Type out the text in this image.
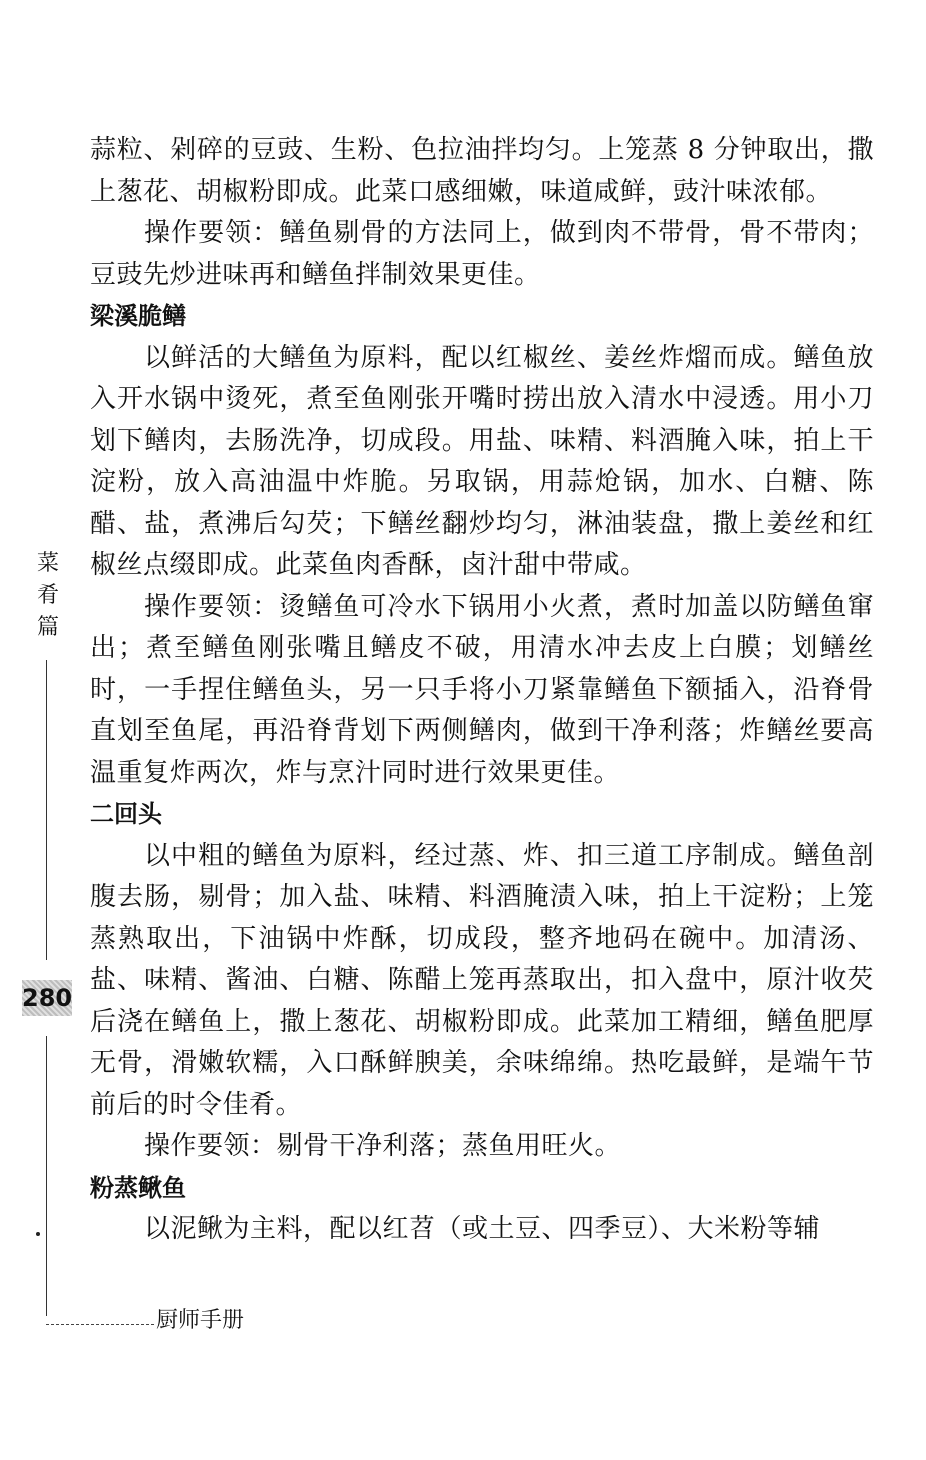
菜
肴
篇
280
厨师手册

蒜粒、剁碎的豆豉、生粉、色拉油拌均匀。上笼蒸 8 分钟取出，撒上葱花、胡椒粉即成。此菜口感细嫩，味道咸鲜，豉汁味浓郁。

操作要领：鳝鱼剔骨的方法同上，做到肉不带骨，骨不带肉；豆豉先炒进味再和鳝鱼拌制效果更佳。

梁溪脆鳝

以鲜活的大鳝鱼为原料，配以红椒丝、姜丝炸熘而成。鳝鱼放入开水锅中烫死，煮至鱼刚张开嘴时捞出放入清水中浸透。用小刀划下鳝肉，去肠洗净，切成段。用盐、味精、料酒腌入味，拍上干淀粉，放入高油温中炸脆。另取锅，用蒜炝锅，加水、白糖、陈醋、盐，煮沸后勾芡；下鳝丝翻炒均匀，淋油装盘，撒上姜丝和红椒丝点缀即成。此菜鱼肉香酥，卤汁甜中带咸。

操作要领：烫鳝鱼可冷水下锅用小火煮，煮时加盖以防鳝鱼窜出；煮至鳝鱼刚张嘴且鳝皮不破，用清水冲去皮上白膜；划鳝丝时，一手捏住鳝鱼头，另一只手将小刀紧靠鳝鱼下额插入，沿脊骨直划至鱼尾，再沿脊背划下两侧鳝肉，做到干净利落；炸鳝丝要高温重复炸两次，炸与烹汁同时进行效果更佳。

二回头

以中粗的鳝鱼为原料，经过蒸、炸、扣三道工序制成。鳝鱼剖腹去肠，剔骨；加入盐、味精、料酒腌渍入味，拍上干淀粉；上笼蒸熟取出，下油锅中炸酥，切成段，整齐地码在碗中。加清汤、盐、味精、酱油、白糖、陈醋上笼再蒸取出，扣入盘中，原汁收芡后浇在鳝鱼上，撒上葱花、胡椒粉即成。此菜加工精细，鳝鱼肥厚无骨，滑嫩软糯，入口酥鲜腴美，余味绵绵。热吃最鲜，是端午节前后的时令佳肴。

操作要领：剔骨干净利落；蒸鱼用旺火。

粉蒸鳅鱼

以泥鳅为主料，配以红苕（或土豆、四季豆）、大米粉等辅
